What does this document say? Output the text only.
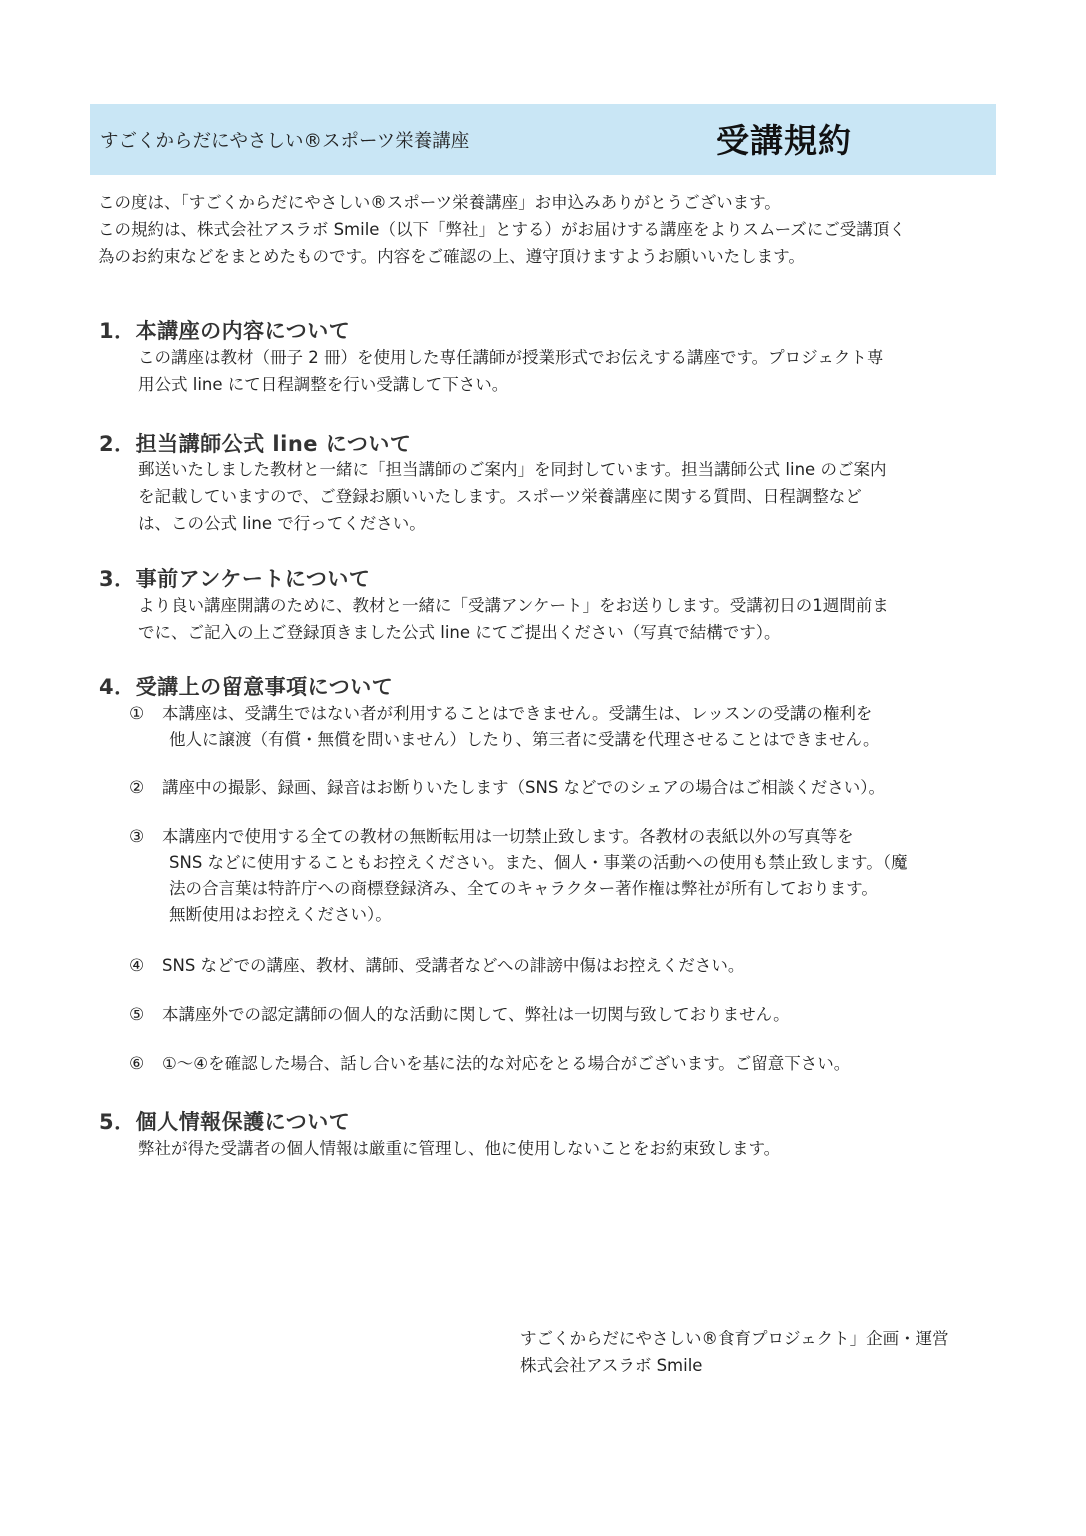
すごくからだにやさしい®スポーツ栄養講座	受講規約

この度は、「すごくからだにやさしい®スポーツ栄養講座」お申込みありがとうございます。

この規約は、株式会社アスラボ Smile（以下「弊社」とする）がお届けする講座をよりスムーズにご受講頂く

為のお約束などをまとめたものです。内容をご確認の上、遵守頂けますようお願いいたします。

1．本講座の内容について

この講座は教材（冊子 2 冊）を使用した専任講師が授業形式でお伝えする講座です。プロジェクト専

用公式 line にて日程調整を行い受講して下さい。

2．担当講師公式 line について

郵送いたしました教材と一緒に「担当講師のご案内」を同封しています。担当講師公式 line のご案内

を記載していますので、ご登録お願いいたします。スポーツ栄養講座に関する質問、日程調整など

は、この公式 line で行ってください。

3．事前アンケートについて

より良い講座開講のために、教材と一緒に「受講アンケート」をお送りします。受講初日の1週間前ま

でに、ご記入の上ご登録頂きました公式 line にてご提出ください（写真で結構です）。

4．受講上の留意事項について
① 本講座は、受講生ではない者が利用することはできません。受講生は、レッスンの受講の権利を

他人に譲渡（有償・無償を問いません）したり、第三者に受講を代理させることはできません。

② 講座中の撮影、録画、録音はお断りいたします（SNS などでのシェアの場合はご相談ください）。

③ 本講座内で使用する全ての教材の無断転用は一切禁止致します。各教材の表紙以外の写真等を

SNS などに使用することもお控えください。また、個人・事業の活動への使用も禁止致します。（魔

法の合言葉は特許庁への商標登録済み、全てのキャラクター著作権は弊社が所有しております。

無断使用はお控えください）。

④ SNS などでの講座、教材、講師、受講者などへの誹謗中傷はお控えください。

⑤ 本講座外での認定講師の個人的な活動に関して、弊社は一切関与致しておりません。

⑥ ①～④を確認した場合、話し合いを基に法的な対応をとる場合がございます。ご留意下さい。

5．個人情報保護について

弊社が得た受講者の個人情報は厳重に管理し、他に使用しないことをお約束致します。

すごくからだにやさしい®食育プロジェクト」企画・運営

株式会社アスラボ Smile
